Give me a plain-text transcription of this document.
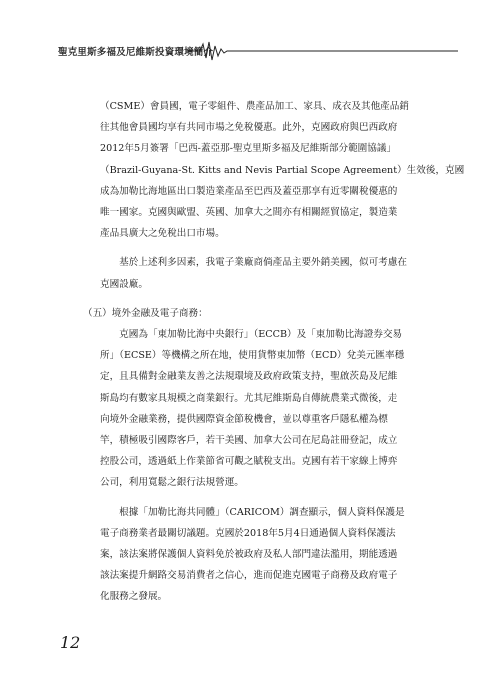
聖克里斯多福及尼維斯投資環境簡介

（CSME）會員國，電子零組件、農產品加工、家具、成衣及其他產品銷

往其他會員國均享有共同市場之免稅優惠。此外，克國政府與巴西政府

2012年5月簽署「巴西-蓋亞那-聖克里斯多福及尼維斯部分範圍協議」

（Brazil-Guyana-St. Kitts and Nevis Partial Scope Agreement）生效後，克國

成為加勒比海地區出口製造業產品至巴西及蓋亞那享有近零關稅優惠的

唯一國家。克國與歐盟、英國、加拿大之間亦有相關經貿協定，製造業

產品具廣大之免稅出口市場。

　　基於上述利多因素，我電子業廠商倘產品主要外銷美國，似可考慮在

克國設廠。

（五）境外金融及電子商務：

　　克國為「東加勒比海中央銀行」（ECCB）及「東加勒比海證券交易

所」（ECSE）等機構之所在地，使用貨幣東加幣（ECD）兌美元匯率穩

定，且具備對金融業友善之法規環境及政府政策支持，聖啟茨島及尼維

斯島均有數家具規模之商業銀行。尤其尼維斯島自傳統農業式微後，走

向境外金融業務，提供國際資金節稅機會，並以尊重客戶隱私權為標

竿，積極吸引國際客戶，若干美國、加拿大公司在尼島註冊登記，成立

控股公司，透過紙上作業節省可觀之賦稅支出。克國有若干家線上博弈

公司，利用寬鬆之銀行法規營運。

　　根據「加勒比海共同體」（CARICOM）調查顯示，個人資料保護是

電子商務業者最關切議題。克國於2018年5月4日通過個人資料保護法

案，該法案將保護個人資料免於被政府及私人部門違法濫用，期能透過

該法案提升網路交易消費者之信心，進而促進克國電子商務及政府電子

化服務之發展。

12
